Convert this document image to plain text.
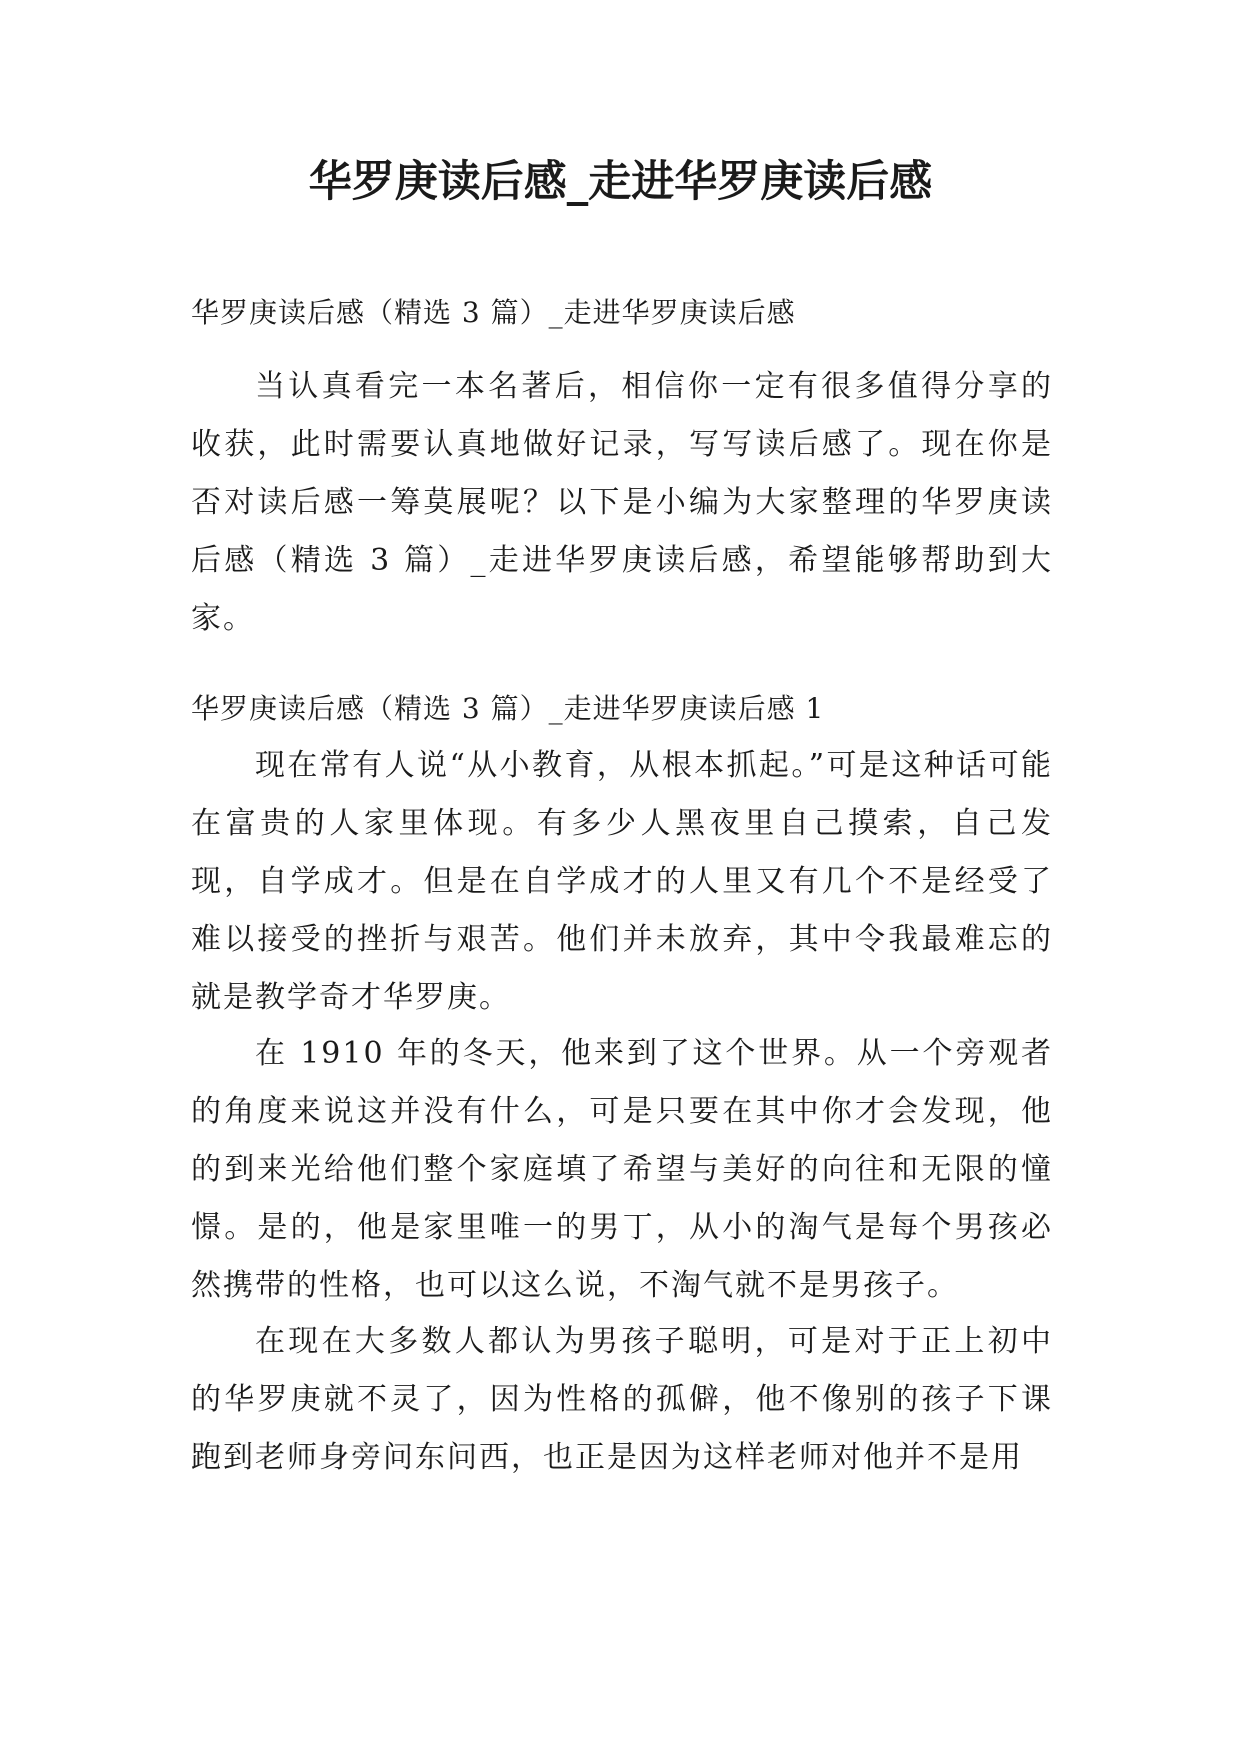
华罗庚读后感_走进华罗庚读后感

华罗庚读后感（精选 3 篇）_走进华罗庚读后感

当认真看完一本名著后，相信你一定有很多值得分享的收获，此时需要认真地做好记录，写写读后感了。现在你是否对读后感一筹莫展呢？以下是小编为大家整理的华罗庚读后感（精选 3 篇）_走进华罗庚读后感，希望能够帮助到大家。

华罗庚读后感（精选 3 篇）_走进华罗庚读后感 1

现在常有人说“从小教育，从根本抓起。”可是这种话可能在富贵的人家里体现。有多少人黑夜里自己摸索，自己发现，自学成才。但是在自学成才的人里又有几个不是经受了难以接受的挫折与艰苦。他们并未放弃，其中令我最难忘的就是教学奇才华罗庚。

在 1910 年的冬天，他来到了这个世界。从一个旁观者的角度来说这并没有什么，可是只要在其中你才会发现，他的到来光给他们整个家庭填了希望与美好的向往和无限的憧憬。是的，他是家里唯一的男丁，从小的淘气是每个男孩必然携带的性格，也可以这么说，不淘气就不是男孩子。

在现在大多数人都认为男孩子聪明，可是对于正上初中的华罗庚就不灵了，因为性格的孤僻，他不像别的孩子下课跑到老师身旁问东问西，也正是因为这样老师对他并不是用
